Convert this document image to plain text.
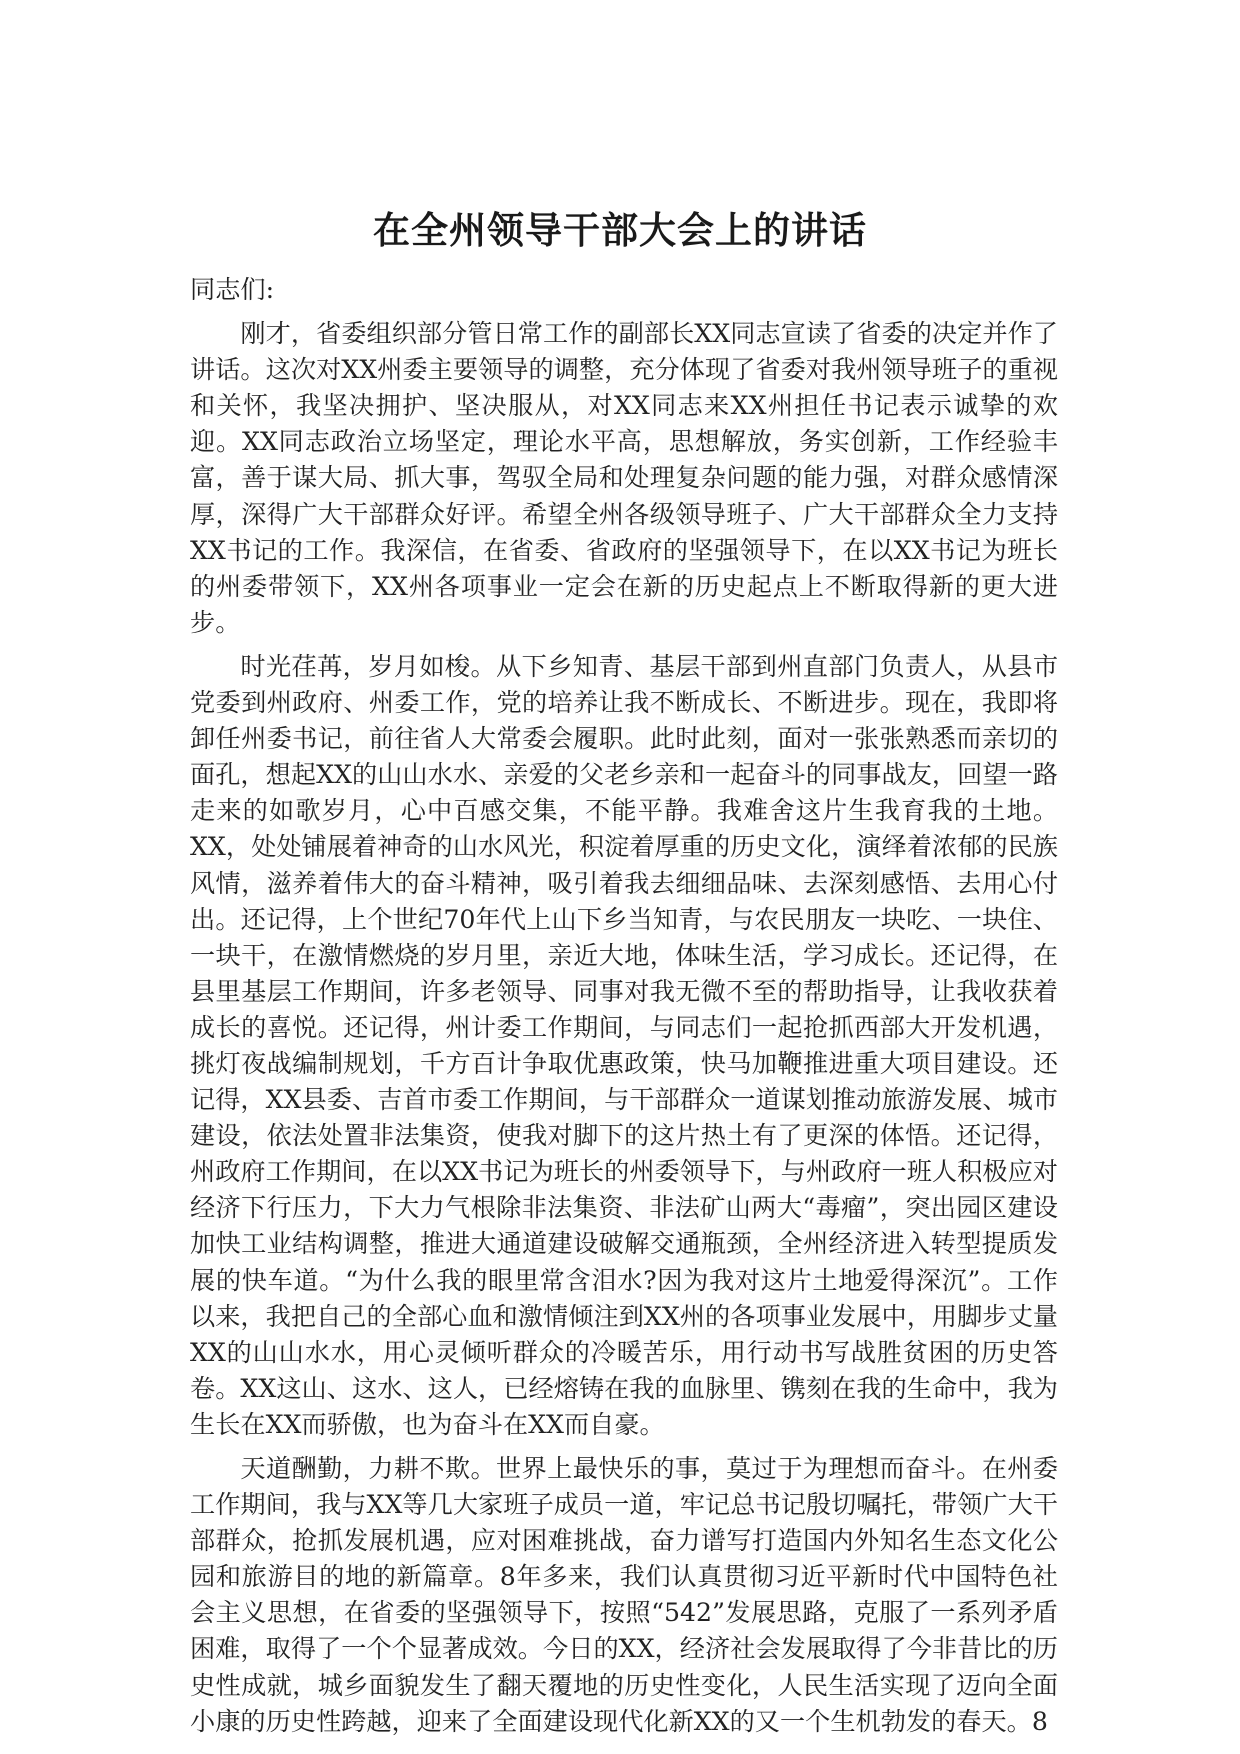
在全州领导干部大会上的讲话

同志们:

刚才，省委组织部分管日常工作的副部长XX同志宣读了省委的决定并作了讲话。这次对XX州委主要领导的调整，充分体现了省委对我州领导班子的重视和关怀，我坚决拥护、坚决服从，对XX同志来XX州担任书记表示诚挚的欢迎。XX同志政治立场坚定，理论水平高，思想解放，务实创新，工作经验丰富，善于谋大局、抓大事，驾驭全局和处理复杂问题的能力强，对群众感情深厚，深得广大干部群众好评。希望全州各级领导班子、广大干部群众全力支持XX书记的工作。我深信，在省委、省政府的坚强领导下，在以XX书记为班长的州委带领下，XX州各项事业一定会在新的历史起点上不断取得新的更大进步。

时光荏苒，岁月如梭。从下乡知青、基层干部到州直部门负责人，从县市党委到州政府、州委工作，党的培养让我不断成长、不断进步。现在，我即将卸任州委书记，前往省人大常委会履职。此时此刻，面对一张张熟悉而亲切的面孔，想起XX的山山水水、亲爱的父老乡亲和一起奋斗的同事战友，回望一路走来的如歌岁月，心中百感交集，不能平静。我难舍这片生我育我的土地。XX，处处铺展着神奇的山水风光，积淀着厚重的历史文化，演绎着浓郁的民族风情，滋养着伟大的奋斗精神，吸引着我去细细品味、去深刻感悟、去用心付出。还记得，上个世纪70年代上山下乡当知青，与农民朋友一块吃、一块住、一块干，在激情燃烧的岁月里，亲近大地，体味生活，学习成长。还记得，在县里基层工作期间，许多老领导、同事对我无微不至的帮助指导，让我收获着成长的喜悦。还记得，州计委工作期间，与同志们一起抢抓西部大开发机遇，挑灯夜战编制规划，千方百计争取优惠政策，快马加鞭推进重大项目建设。还记得，XX县委、吉首市委工作期间，与干部群众一道谋划推动旅游发展、城市建设，依法处置非法集资，使我对脚下的这片热土有了更深的体悟。还记得，州政府工作期间，在以XX书记为班长的州委领导下，与州政府一班人积极应对经济下行压力，下大力气根除非法集资、非法矿山两大“毒瘤”，突出园区建设加快工业结构调整，推进大通道建设破解交通瓶颈，全州经济进入转型提质发展的快车道。“为什么我的眼里常含泪水?因为我对这片土地爱得深沉”。工作以来，我把自己的全部心血和激情倾注到XX州的各项事业发展中，用脚步丈量XX的山山水水，用心灵倾听群众的冷暖苦乐，用行动书写战胜贫困的历史答卷。XX这山、这水、这人，已经熔铸在我的血脉里、镌刻在我的生命中，我为生长在XX而骄傲，也为奋斗在XX而自豪。

天道酬勤，力耕不欺。世界上最快乐的事，莫过于为理想而奋斗。在州委工作期间，我与XX等几大家班子成员一道，牢记总书记殷切嘱托，带领广大干部群众，抢抓发展机遇，应对困难挑战，奋力谱写打造国内外知名生态文化公园和旅游目的地的新篇章。8年多来，我们认真贯彻习近平新时代中国特色社会主义思想，在省委的坚强领导下，按照“542”发展思路，克服了一系列矛盾困难，取得了一个个显著成效。今日的XX，经济社会发展取得了今非昔比的历史性成就，城乡面貌发生了翻天覆地的历史性变化，人民生活实现了迈向全面小康的历史性跨越，迎来了全面建设现代化新XX的又一个生机勃发的春天。8
